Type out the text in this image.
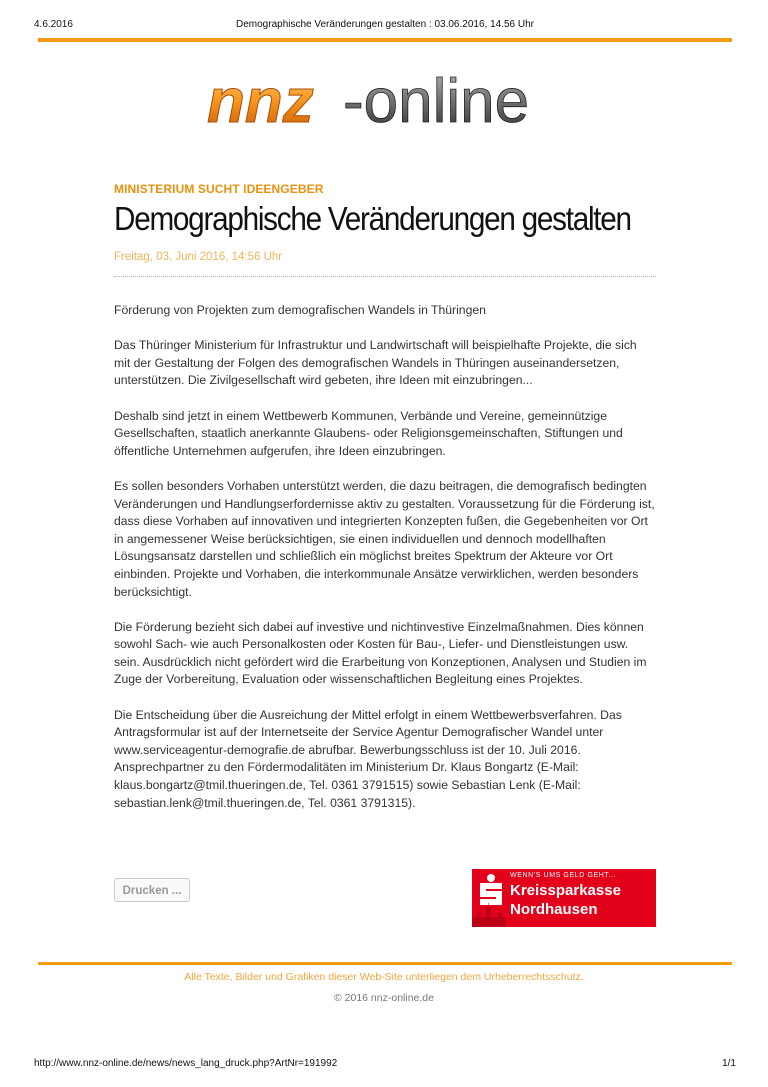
4.6.2016	Demographische Veränderungen gestalten : 03.06.2016, 14.56 Uhr
nnz -online
MINISTERIUM SUCHT IDEENGEBER
Demographische Veränderungen gestalten
Freitag, 03. Juni 2016, 14:56 Uhr

Förderung von Projekten zum demografischen Wandels in Thüringen

Das Thüringer Ministerium für Infrastruktur und Landwirtschaft will beispielhafte Projekte, die sich mit der Gestaltung der Folgen des demografischen Wandels in Thüringen auseinandersetzen, unterstützen. Die Zivilgesellschaft wird gebeten, ihre Ideen mit einzubringen...

Deshalb sind jetzt in einem Wettbewerb Kommunen, Verbände und Vereine, gemeinnützige Gesellschaften, staatlich anerkannte Glaubens- oder Religionsgemeinschaften, Stiftungen und öffentliche Unternehmen aufgerufen, ihre Ideen einzubringen.

Es sollen besonders Vorhaben unterstützt werden, die dazu beitragen, die demografisch bedingten Veränderungen und Handlungserfordernisse aktiv zu gestalten. Voraussetzung für die Förderung ist, dass diese Vorhaben auf innovativen und integrierten Konzepten fußen, die Gegebenheiten vor Ort in angemessener Weise berücksichtigen, sie einen individuellen und dennoch modellhaften Lösungsansatz darstellen und schließlich ein möglichst breites Spektrum der Akteure vor Ort einbinden. Projekte und Vorhaben, die interkommunale Ansätze verwirklichen, werden besonders berücksichtigt.

Die Förderung bezieht sich dabei auf investive und nichtinvestive Einzelmaßnahmen. Dies können sowohl Sach- wie auch Personalkosten oder Kosten für Bau-, Liefer- und Dienstleistungen usw. sein. Ausdrücklich nicht gefördert wird die Erarbeitung von Konzeptionen, Analysen und Studien im Zuge der Vorbereitung, Evaluation oder wissenschaftlichen Begleitung eines Projektes.

Die Entscheidung über die Ausreichung der Mittel erfolgt in einem Wettbewerbsverfahren. Das Antragsformular ist auf der Internetseite der Service Agentur Demografischer Wandel unter www.serviceagentur-demografie.de abrufbar. Bewerbungsschluss ist der 10. Juli 2016. Ansprechpartner zu den Fördermodalitäten im Ministerium Dr. Klaus Bongartz (E-Mail: klaus.bongartz@tmil.thueringen.de, Tel. 0361 3791515) sowie Sebastian Lenk (E-Mail: sebastian.lenk@tmil.thueringen.de, Tel. 0361 3791315).

Drucken ...
WENN'S UMS GELD GEHT...
Kreissparkasse
Nordhausen
Alle Texte, Bilder und Grafiken dieser Web-Site unterliegen dem Urheberrechtsschutz.
© 2016 nnz-online.de
http://www.nnz-online.de/news/news_lang_druck.php?ArtNr=191992	1/1
